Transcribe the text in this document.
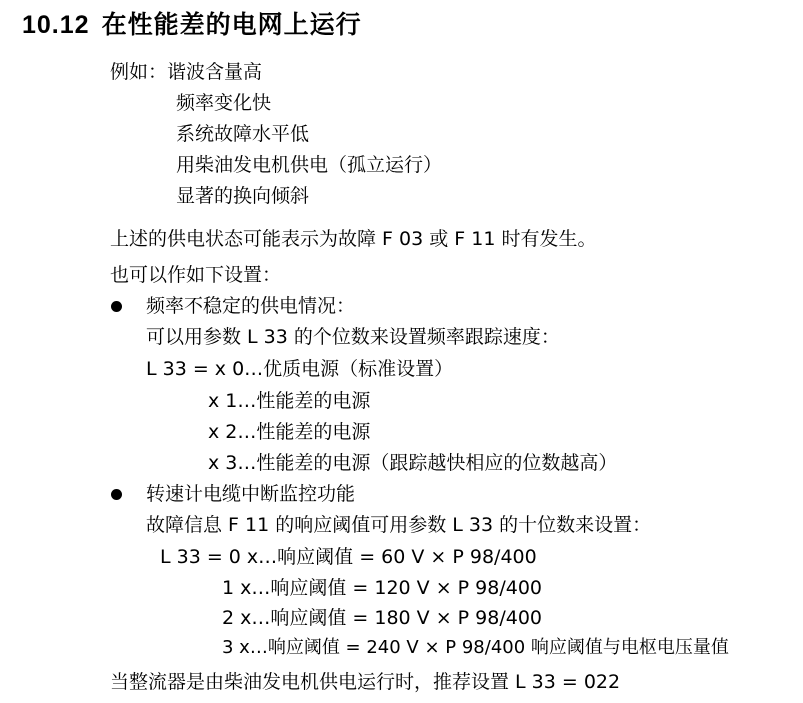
10.12 在性能差的电网上运行
例如：谐波含量高
频率变化快
系统故障水平低
用柴油发电机供电（孤立运行）
显著的换向倾斜
上述的供电状态可能表示为故障 F 03 或 F 11 时有发生。
也可以作如下设置：
频率不稳定的供电情况：
可以用参数 L 33 的个位数来设置频率跟踪速度：
L 33 = x 0…优质电源（标准设置）
x 1…性能差的电源
x 2…性能差的电源
x 3…性能差的电源（跟踪越快相应的位数越高）
转速计电缆中断监控功能
故障信息 F 11 的响应阈值可用参数 L 33 的十位数来设置：
L 33 = 0 x…响应阈值 = 60 V × P 98/400
1 x…响应阈值 = 120 V × P 98/400
2 x…响应阈值 = 180 V × P 98/400
3 x…响应阈值 = 240 V × P 98/400 响应阈值与电枢电压量值
当整流器是由柴油发电机供电运行时，推荐设置 L 33 = 022
